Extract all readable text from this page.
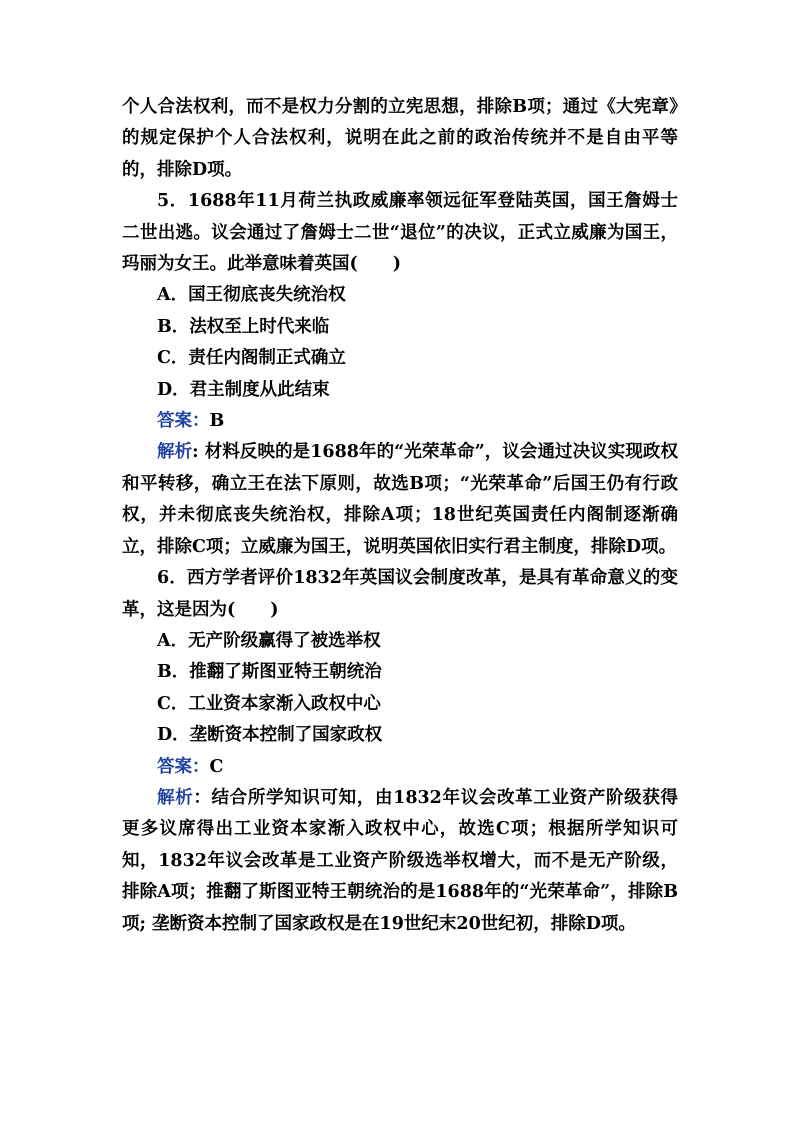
个人合法权利，而不是权力分割的立宪思想，排除B项；通过《大宪章》的规定保护个人合法权利，说明在此之前的政治传统并不是自由平等的，排除D项。

5．1688年11月荷兰执政威廉率领远征军登陆英国，国王詹姆士二世出逃。议会通过了詹姆士二世“退位”的决议，正式立威廉为国王，玛丽为女王。此举意味着英国(　　)

A．国王彻底丧失统治权

B．法权至上时代来临

C．责任内阁制正式确立

D．君主制度从此结束

答案：B

解析: 材料反映的是1688年的“光荣革命”，议会通过决议实现政权和平转移，确立王在法下原则，故选B项；“光荣革命”后国王仍有行政权，并未彻底丧失统治权，排除A项；18世纪英国责任内阁制逐渐确立，排除C项；立威廉为国王，说明英国依旧实行君主制度，排除D项。

6．西方学者评价1832年英国议会制度改革，是具有革命意义的变革，这是因为(　　)

A．无产阶级赢得了被选举权

B．推翻了斯图亚特王朝统治

C．工业资本家渐入政权中心

D．垄断资本控制了国家政权

答案：C

解析：结合所学知识可知，由1832年议会改革工业资产阶级获得更多议席得出工业资本家渐入政权中心，故选C项；根据所学知识可知，1832年议会改革是工业资产阶级选举权增大，而不是无产阶级，排除A项；推翻了斯图亚特王朝统治的是1688年的“光荣革命”，排除B项; 垄断资本控制了国家政权是在19世纪末20世纪初，排除D项。
